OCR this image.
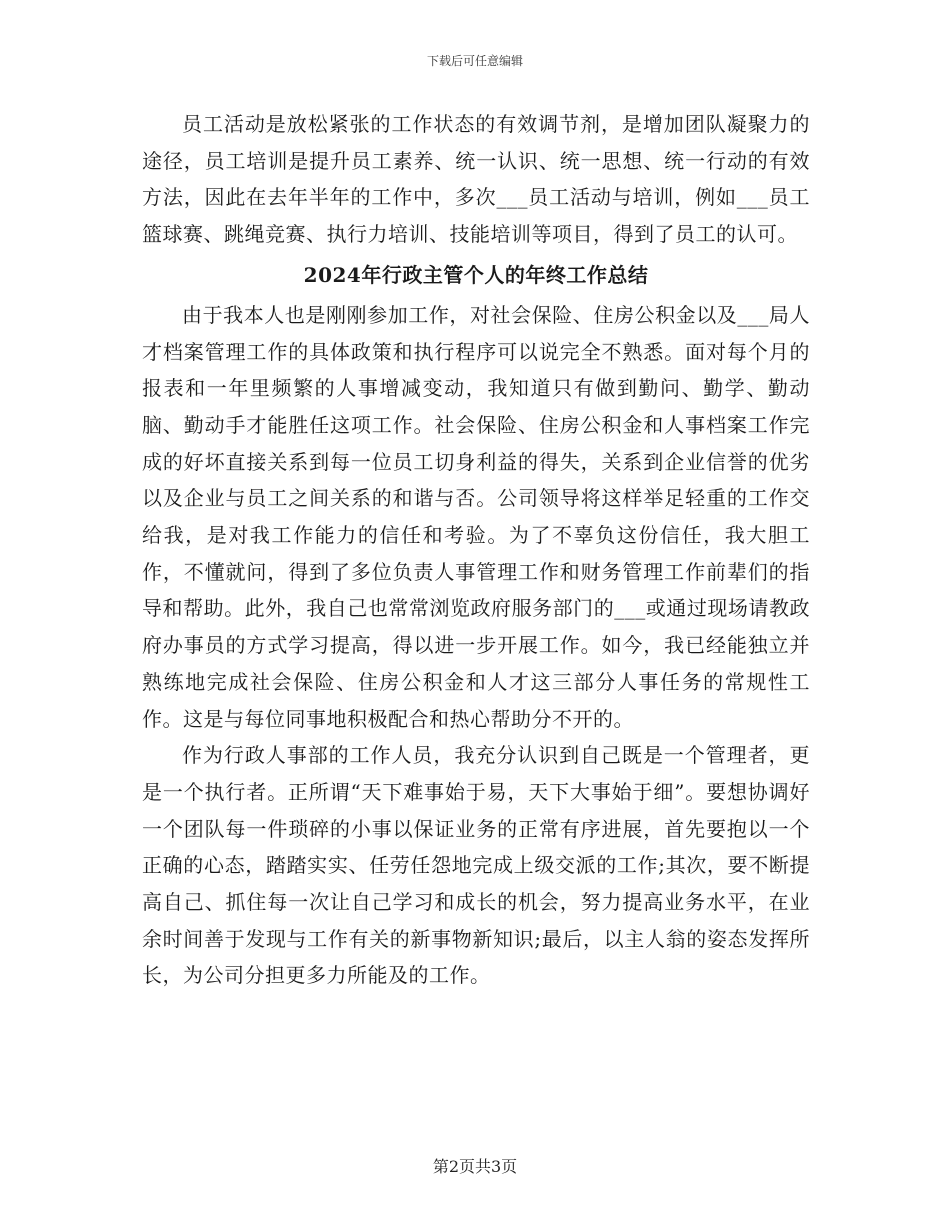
下载后可任意编辑

员工活动是放松紧张的工作状态的有效调节剂，是增加团队凝聚力的途径，员工培训是提升员工素养、统一认识、统一思想、统一行动的有效方法，因此在去年半年的工作中，多次___员工活动与培训，例如___员工篮球赛、跳绳竞赛、执行力培训、技能培训等项目，得到了员工的认可。

2024年行政主管个人的年终工作总结

由于我本人也是刚刚参加工作，对社会保险、住房公积金以及___局人才档案管理工作的具体政策和执行程序可以说完全不熟悉。面对每个月的报表和一年里频繁的人事增减变动，我知道只有做到勤问、勤学、勤动脑、勤动手才能胜任这项工作。社会保险、住房公积金和人事档案工作完成的好坏直接关系到每一位员工切身利益的得失，关系到企业信誉的优劣以及企业与员工之间关系的和谐与否。公司领导将这样举足轻重的工作交给我，是对我工作能力的信任和考验。为了不辜负这份信任，我大胆工作，不懂就问，得到了多位负责人事管理工作和财务管理工作前辈们的指导和帮助。此外，我自己也常常浏览政府服务部门的___或通过现场请教政府办事员的方式学习提高，得以进一步开展工作。如今，我已经能独立并熟练地完成社会保险、住房公积金和人才这三部分人事任务的常规性工作。这是与每位同事地积极配合和热心帮助分不开的。

作为行政人事部的工作人员，我充分认识到自己既是一个管理者，更是一个执行者。正所谓“天下难事始于易，天下大事始于细”。要想协调好一个团队每一件琐碎的小事以保证业务的正常有序进展，首先要抱以一个正确的心态，踏踏实实、任劳任怨地完成上级交派的工作;其次，要不断提高自己、抓住每一次让自己学习和成长的机会，努力提高业务水平，在业余时间善于发现与工作有关的新事物新知识;最后，以主人翁的姿态发挥所长，为公司分担更多力所能及的工作。

第2页共3页
